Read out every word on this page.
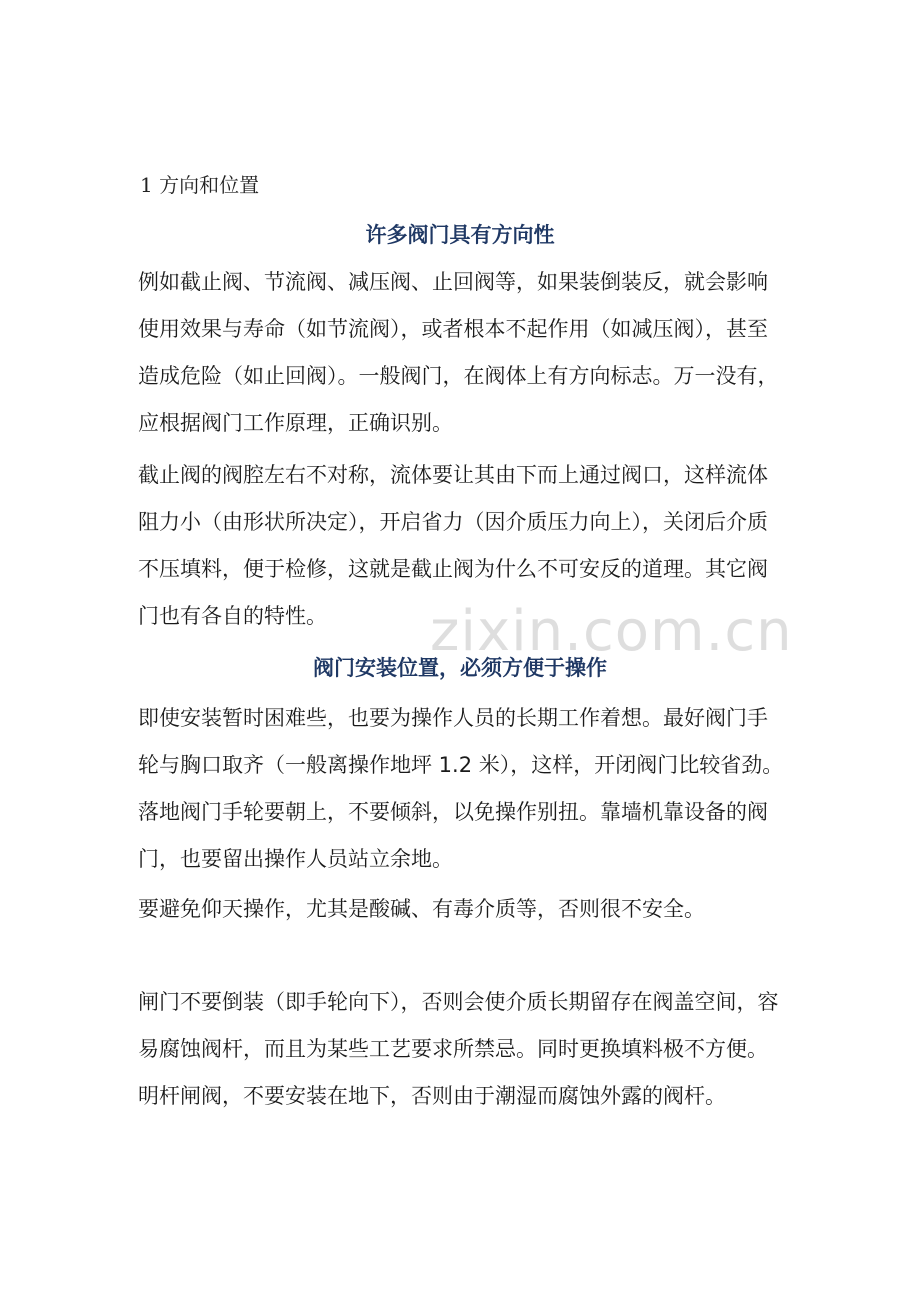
1 方向和位置
许多阀门具有方向性

例如截止阀、节流阀、减压阀、止回阀等，如果装倒装反，就会影响使用效果与寿命（如节流阀），或者根本不起作用（如减压阀），甚至造成危险（如止回阀）。一般阀门，在阀体上有方向标志。万一没有，应根据阀门工作原理，正确识别。

截止阀的阀腔左右不对称，流体要让其由下而上通过阀口，这样流体阻力小（由形状所决定），开启省力（因介质压力向上），关闭后介质不压填料，便于检修，这就是截止阀为什么不可安反的道理。其它阀门也有各自的特性。

阀门安装位置，必须方便于操作

即使安装暂时困难些，也要为操作人员的长期工作着想。最好阀门手轮与胸口取齐（一般离操作地坪 1.2 米），这样，开闭阀门比较省劲。落地阀门手轮要朝上，不要倾斜，以免操作别扭。靠墙机靠设备的阀门，也要留出操作人员站立余地。

要避免仰天操作，尤其是酸碱、有毒介质等，否则很不安全。

闸门不要倒装（即手轮向下），否则会使介质长期留存在阀盖空间，容易腐蚀阀杆，而且为某些工艺要求所禁忌。同时更换填料极不方便。明杆闸阀，不要安装在地下，否则由于潮湿而腐蚀外露的阀杆。

zixin.com.cn
